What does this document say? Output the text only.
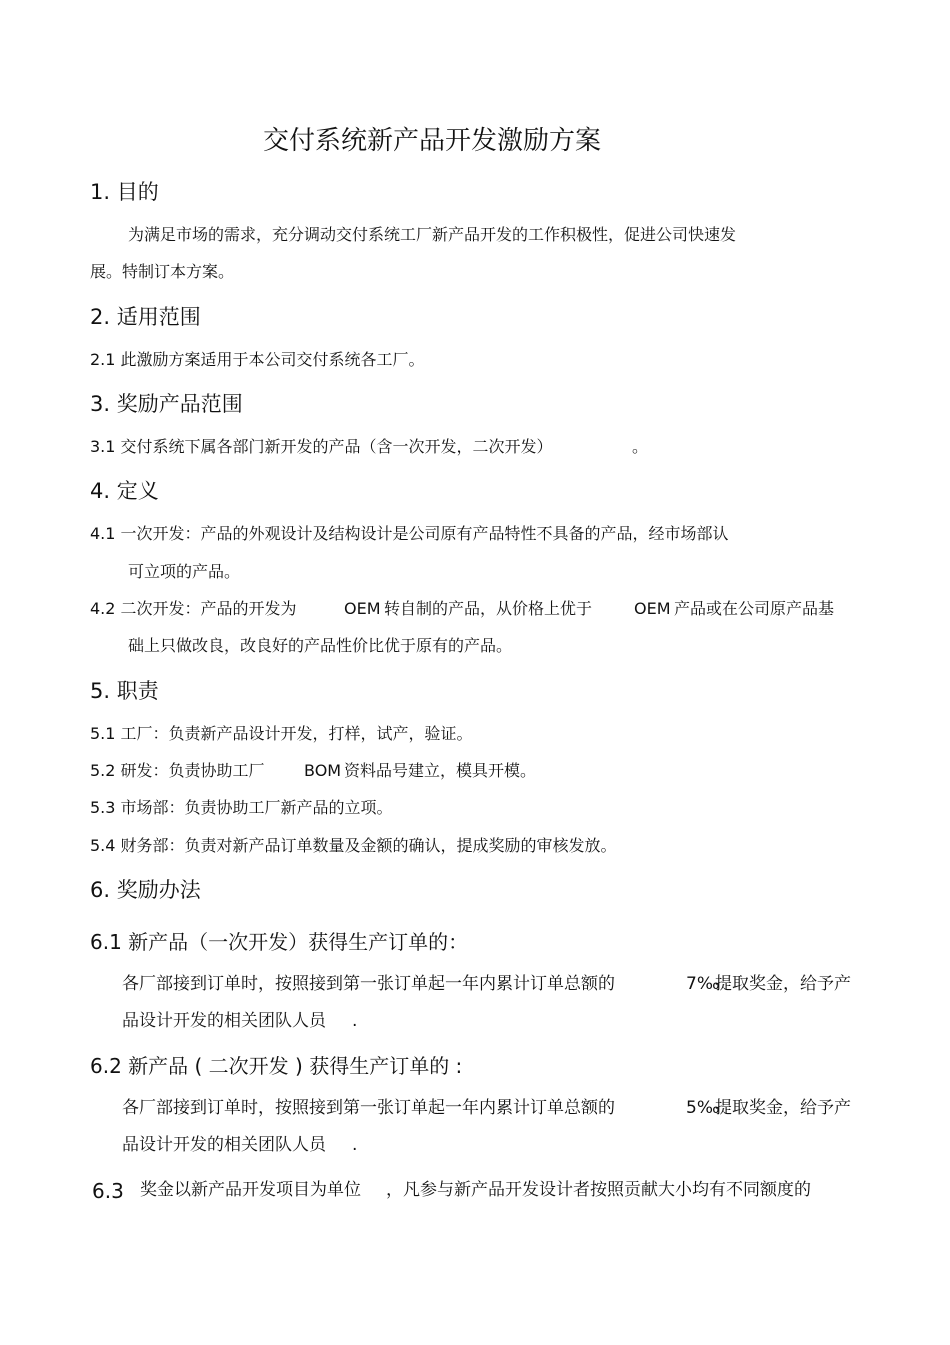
交付系统新产品开发激励方案
1. 目的
为满足市场的需求，充分调动交付系统工厂新产品开发的工作积极性，促进公司快速发
展。特制订本方案。
2. 适用范围
2.1 此激励方案适用于本公司交付系统各工厂。
3. 奖励产品范围
3.1 交付系统下属各部门新开发的产品（含一次开发，二次开发）	。
4. 定义
4.1 一次开发：产品的外观设计及结构设计是公司原有产品特性不具备的产品，经市场部认
可立项的产品。
4.2 二次开发：产品的开发为	OEM 转自制的产品，从价格上优于	OEM 产品或在公司原产品基
础上只做改良，改良好的产品性价比优于原有的产品。
5. 职责
5.1 工厂：负责新产品设计开发，打样，试产，验证。
5.2 研发：负责协助工厂 BOM 资料品号建立，模具开模。
5.3 市场部：负责协助工厂新产品的立项。
5.4 财务部：负责对新产品订单数量及金额的确认，提成奖励的审核发放。
6. 奖励办法
6.1 新产品（一次开发）获得生产订单的：
各厂部接到订单时，按照接到第一张订单起一年内累计订单总额的	7‰
提取奖金，给予产
品设计开发的相关团队人员 .
6.2 新产品 ( 二次开发 ) 获得生产订单的 :
各厂部接到订单时，按照接到第一张订单起一年内累计订单总额的	5‰
提取奖金，给予产
品设计开发的相关团队人员 .
6.3 奖金以新产品开发项目为单位 ，凡参与新产品开发设计者按照贡献大小均有不同额度的
